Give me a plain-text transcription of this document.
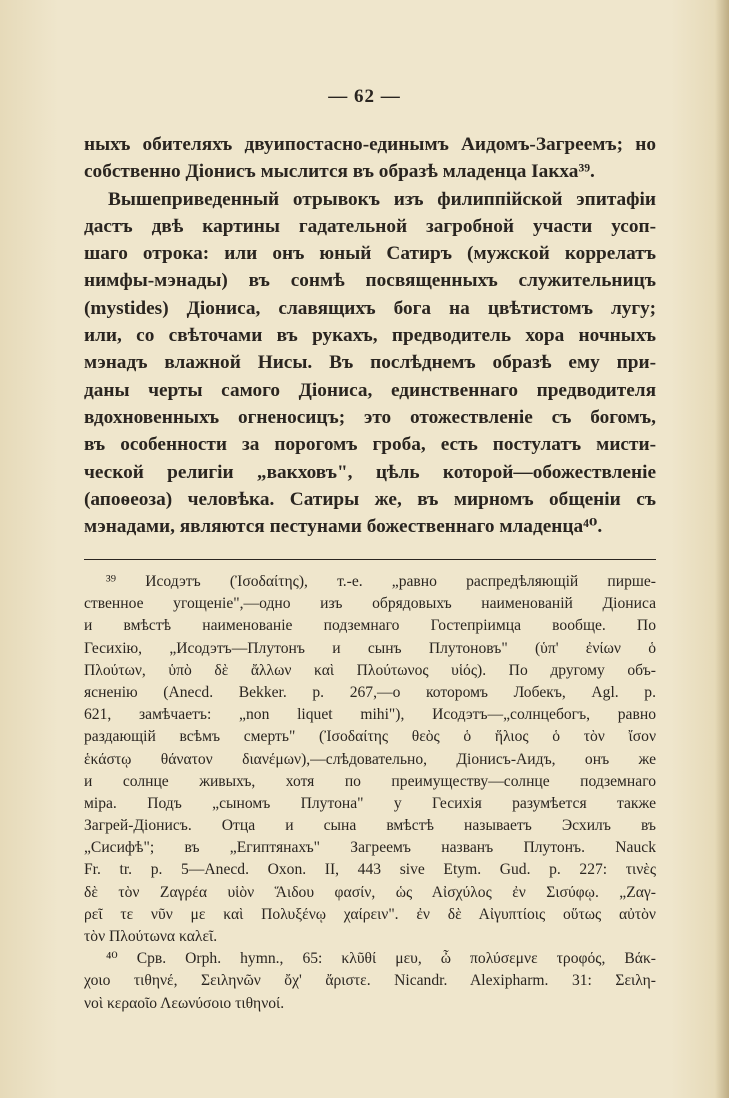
— 62 —
ныхъ обителяхъ двуипостасно-единымъ Аидомъ-Загреемъ; но
собственно Діонисъ мыслится въ образѣ младенца Іакха³⁹.
Вышеприведенный отрывокъ изъ филиппійской эпитафіи
дастъ двѣ картины гадательной загробной участи усоп-
шаго отрока: или онъ юный Сатиръ (мужской коррелатъ
нимфы-мэнады) въ сонмѣ посвященныхъ служительницъ
(mystides) Діониса, славящихъ бога на цвѣтистомъ лугу;
или, со свѣточами въ рукахъ, предводитель хора ночныхъ
мэнадъ влажной Нисы. Въ послѣднемъ образѣ ему при-
даны черты самого Діониса, единственнаго предводителя
вдохновенныхъ огненосицъ; это отожествленіе съ богомъ,
въ особенности за порогомъ гроба, есть постулатъ мисти-
ческой религіи „вакховъ", цѣль которой—обожествленіе
(апоѳеоза) человѣка. Сатиры же, въ мирномъ общеніи съ
мэнадами, являются пестунами божественнаго младенца⁴⁰.
³⁹ Исодэтъ (Ἰσοδαίτης), т.-е. „равно распредѣляющій пирше-
ственное угощеніе",—одно изъ обрядовыхъ наименованій Діониса
и вмѣстѣ наименованіе подземнаго Гостепріимца вообще. По
Гесихію, „Исодэтъ—Плутонъ и сынъ Плутоновъ" (ὑπ' ἐνίων ὁ
Πλούτων, ὑπὸ δὲ ἄλλων καὶ Πλούτωνος υἱός). По другому объ-
ясненію (Anecd. Bekker. p. 267,—о которомъ Лобекъ, Agl. p.
621, замѣчаетъ: „non liquet mihi"), Исодэтъ—„солнцебогъ, равно
раздающій всѣмъ смерть" (Ἰσοδαίτης θεὸς ὁ ἥλιος ὁ τὸν ἴσον
ἑκάστῳ θάνατον διανέμων),—слѣдовательно, Діонисъ-Аидъ, онъ же
и солнце живыхъ, хотя по преимуществу—солнце подземнаго
міра. Подъ „сыномъ Плутона" у Гесихія разумѣется также
Загрей-Діонисъ. Отца и сына вмѣстѣ называетъ Эсхилъ въ
„Сисифѣ"; въ „Египтянахъ" Загреемъ названъ Плутонъ. Nauck
Fr. tr. p. 5—Anecd. Oxon. II, 443 sive Etym. Gud. p. 227: τινὲς
δὲ τὸν Ζαγρέα υἱὸν Ἅιδου φασίν, ὡς Αἰσχύλος ἐν Σισύφῳ. „Ζαγ-
ρεῖ τε νῦν με καὶ Πολυξένῳ χαίρειν". ἐν δὲ Αἰγυπτίοις οὕτως αὐτὸν
τὸν Πλούτωνα καλεῖ.
⁴⁰ Срв. Orph. hymn., 65: κλῦθί μευ, ὦ πολύσεμνε τροφός, Βάκ-
χοιο τιθηνέ, Σειληνῶν ὄχ' ἄριστε. Nicandr. Alexipharm. 31: Σειλη-
νοὶ κεραοῖο Λεωνύσοιο τιθηνοί.
